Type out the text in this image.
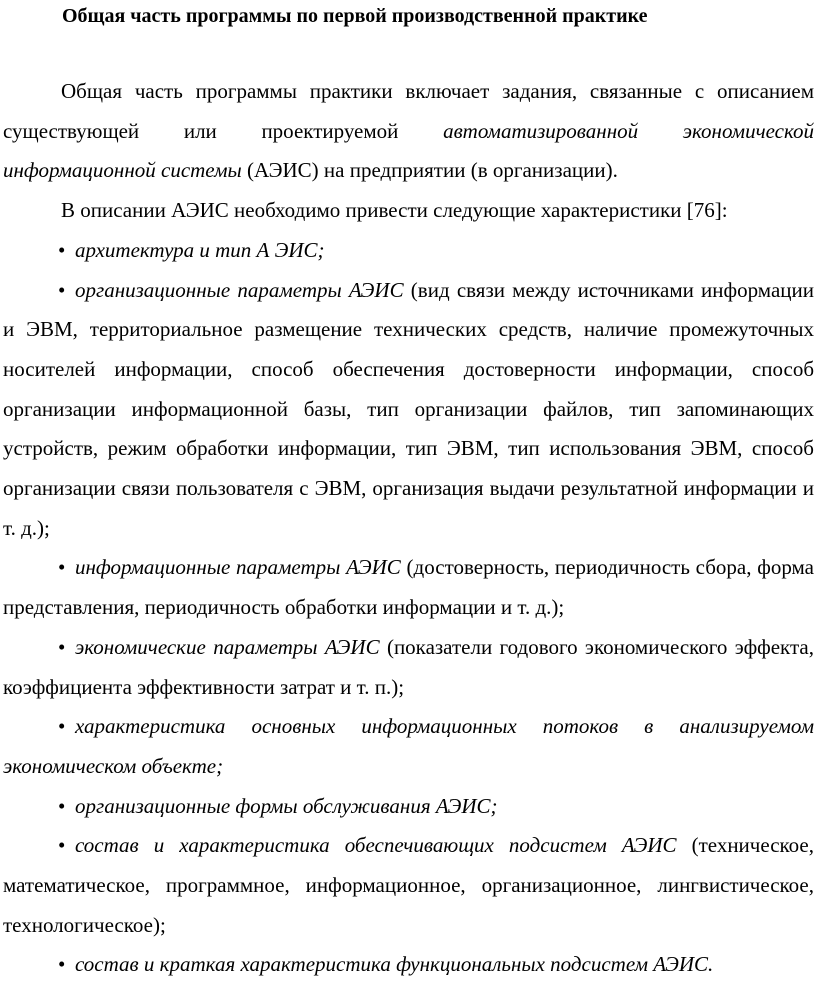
Общая часть программы по первой производственной практике

Общая часть программы практики включает задания, связанные с описанием существующей или проектируемой автоматизированной экономической информационной системы (АЭИС) на предприятии (в организации).

В описании АЭИС необходимо привести следующие характеристики [76]:

• архитектура и тип А ЭИС;

• организационные параметры АЭИС (вид связи между источниками информации и ЭВМ, территориальное размещение технических средств, наличие промежуточных носителей информации, способ обеспечения достоверности информации, способ организации информационной базы, тип организации файлов, тип запоминающих устройств, режим обработки информации, тип ЭВМ, тип использования ЭВМ, способ организации связи пользователя с ЭВМ, организация выдачи результатной информации и т. д.);

• информационные параметры АЭИС (достоверность, периодичность сбора, форма представления, периодичность обработки информации и т. д.);

• экономические параметры АЭИС (показатели годового экономического эффекта, коэффициента эффективности затрат и т. п.);

• характеристика основных информационных потоков в анализируемом экономическом объекте;

• организационные формы обслуживания АЭИС;

• состав и характеристика обеспечивающих подсистем АЭИС (техническое, математическое, программное, информационное, организационное, лингвистическое, технологическое);

• состав и краткая характеристика функциональных подсистем АЭИС.
